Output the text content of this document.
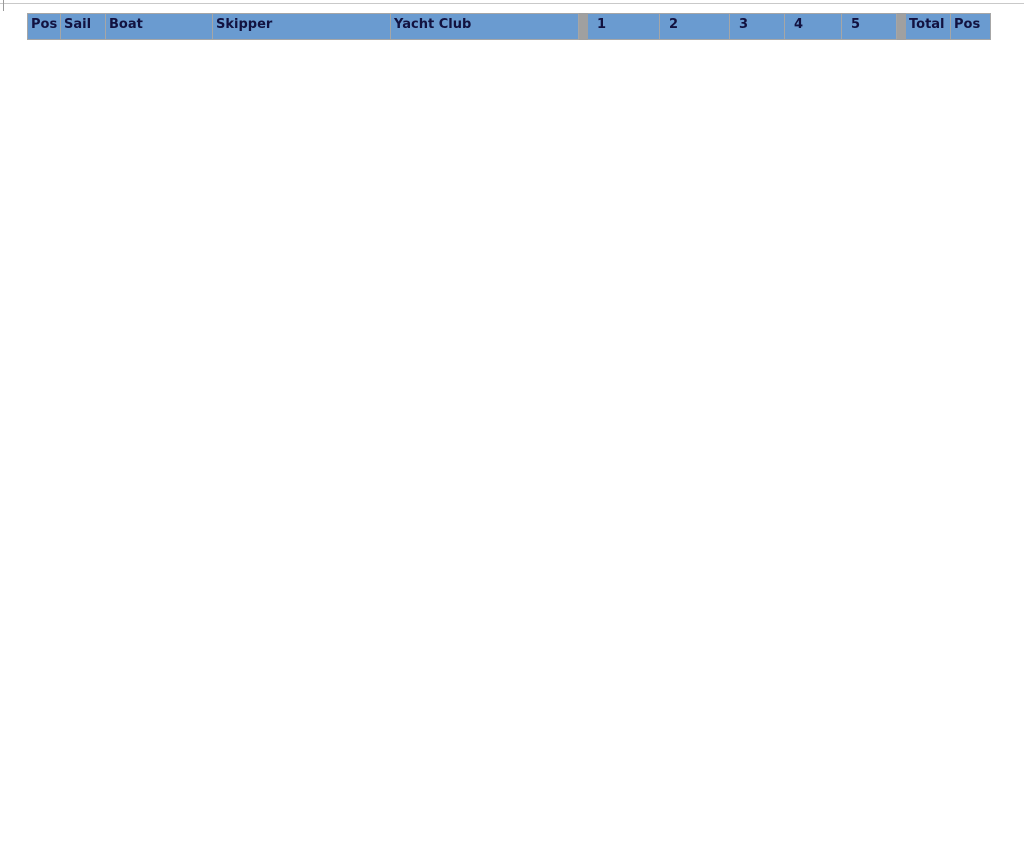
Pos	Sail	Boat	Skipper	Yacht Club		1	2	3	4	5		Total	Pos
